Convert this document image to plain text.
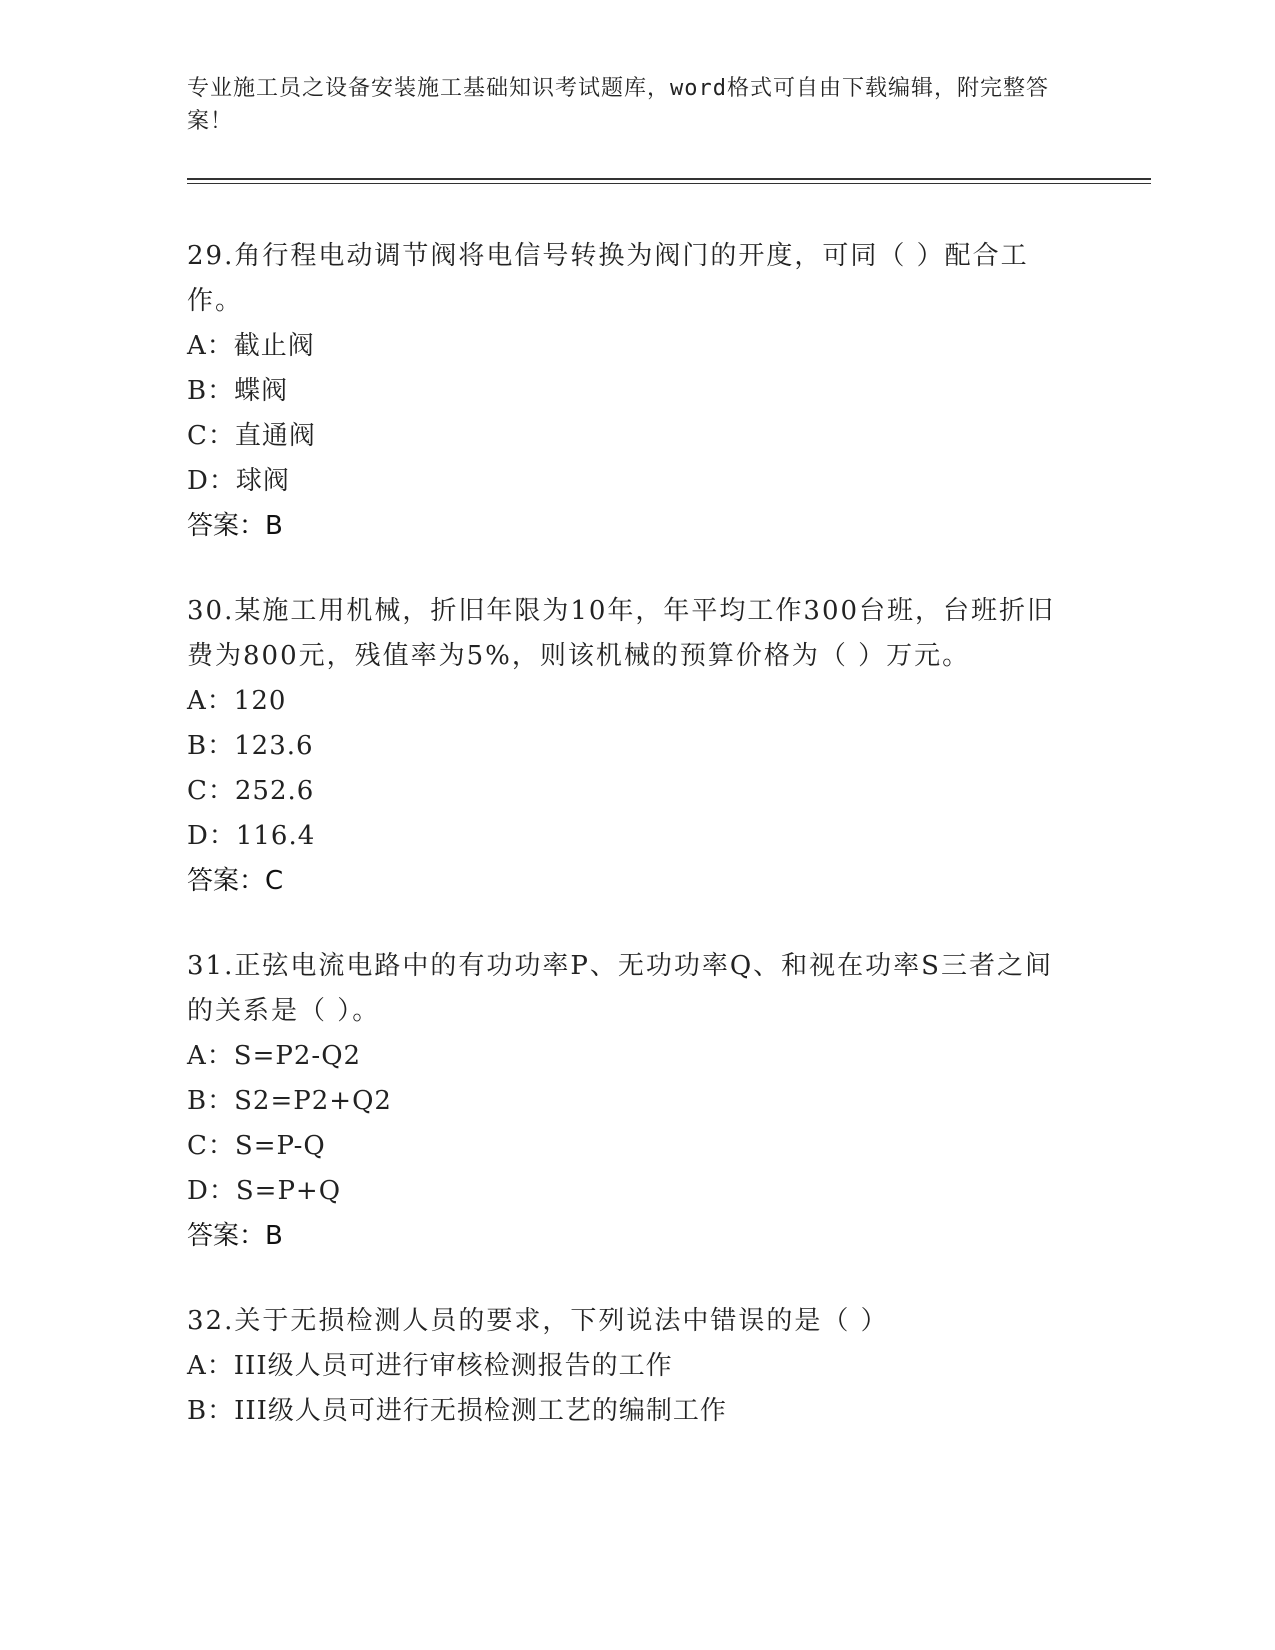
专业施工员之设备安装施工基础知识考试题库，word格式可自由下载编辑，附完整答案！

29.角行程电动调节阀将电信号转换为阀门的开度，可同（ ）配合工作。

A：截止阀

B：蝶阀

C：直通阀

D：球阀

答案：B

30.某施工用机械，折旧年限为10年，年平均工作300台班，台班折旧费为800元，残值率为5%，则该机械的预算价格为（ ）万元。

A：120

B：123.6

C：252.6

D：116.4

答案：C

31.正弦电流电路中的有功功率P、无功功率Q、和视在功率S三者之间的关系是（ ）。

A：S=P2-Q2

B：S2=P2+Q2

C：S=P-Q

D：S=P+Q

答案：B

32.关于无损检测人员的要求，下列说法中错误的是（ ）

A：III级人员可进行审核检测报告的工作

B：III级人员可进行无损检测工艺的编制工作
